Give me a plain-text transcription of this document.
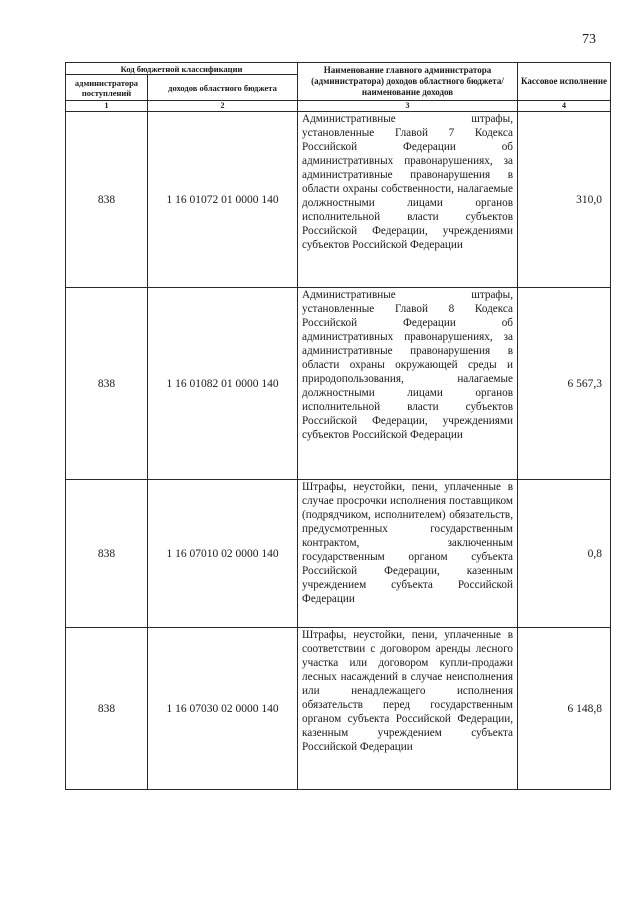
73
Код бюджетной классификации		Наименование главного администратора (администратора) доходов областного бюджета/ наименование доходов	Кассовое исполнение
администратора поступлений	доходов областного бюджета		
1	2	3	4
838	1 16 01072 01 0000 140	Административные штрафы, установленные Главой 7 Кодекса Российской Федерации об административных правонарушениях, за административные правонарушения в области охраны собственности, налагаемые должностными лицами органов исполнительной власти субъектов Российской Федерации, учреждениями субъектов Российской Федерации	310,0
838	1 16 01082 01 0000 140	Административные штрафы, установленные Главой 8 Кодекса Российской Федерации об административных правонарушениях, за административные правонарушения в области охраны окружающей среды и природопользования, налагаемые должностными лицами органов исполнительной власти субъектов Российской Федерации, учреждениями субъектов Российской Федерации	6 567,3
838	1 16 07010 02 0000 140	Штрафы, неустойки, пени, уплаченные в случае просрочки исполнения поставщиком (подрядчиком, исполнителем) обязательств, предусмотренных государственным контрактом, заключенным государственным органом субъекта Российской Федерации, казенным учреждением субъекта Российской Федерации	0,8
838	1 16 07030 02 0000 140	Штрафы, неустойки, пени, уплаченные в соответствии с договором аренды лесного участка или договором купли-продажи лесных насаждений в случае неисполнения или ненадлежащего исполнения обязательств перед государственным органом субъекта Российской Федерации, казенным учреждением субъекта Российской Федерации	6 148,8
